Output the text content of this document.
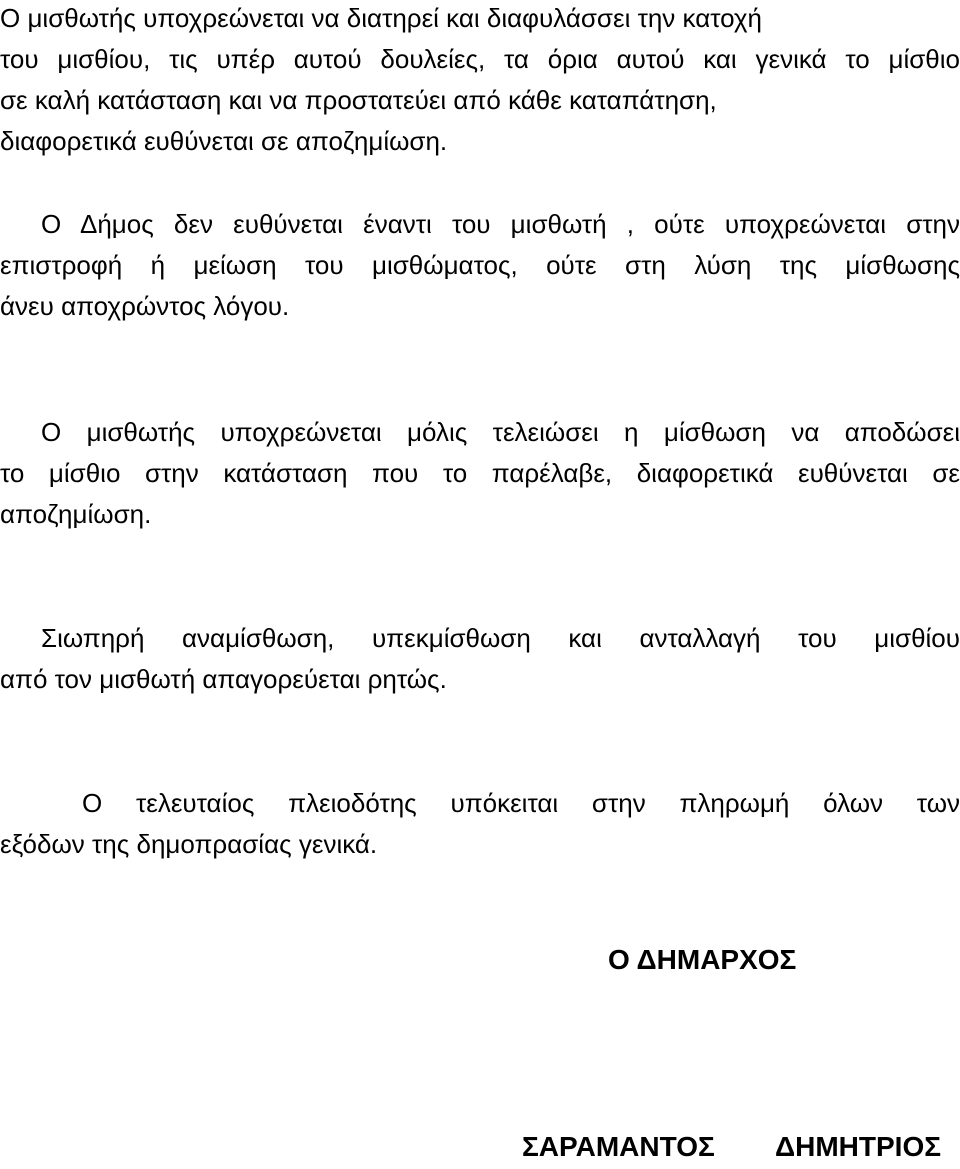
Ο μισθωτής υποχρεώνεται να διατηρεί και διαφυλάσσει την κατοχή
του μισθίου, τις υπέρ αυτού δουλείες, τα όρια αυτού και γενικά το μίσθιο
σε καλή κατάσταση και να προστατεύει από κάθε καταπάτηση,
διαφορετικά ευθύνεται σε αποζημίωση.
Ο Δήμος δεν ευθύνεται έναντι του μισθωτή , ούτε υποχρεώνεται στην
επιστροφή ή μείωση του μισθώματος, ούτε στη λύση της μίσθωσης
άνευ αποχρώντος λόγου.
Ο μισθωτής υποχρεώνεται μόλις τελειώσει η μίσθωση να αποδώσει
το μίσθιο στην κατάσταση που το παρέλαβε, διαφορετικά ευθύνεται σε
αποζημίωση.
Σιωπηρή αναμίσθωση, υπεκμίσθωση και ανταλλαγή του μισθίου
από τον μισθωτή απαγορεύεται ρητώς.
Ο τελευταίος πλειοδότης υπόκειται στην πληρωμή όλων των
εξόδων της δημοπρασίας γενικά.
Ο ΔΗΜΑΡΧΟΣ
ΣΑΡΑΜΑΝΤΟΣ ΔΗΜΗΤΡΙΟΣ
